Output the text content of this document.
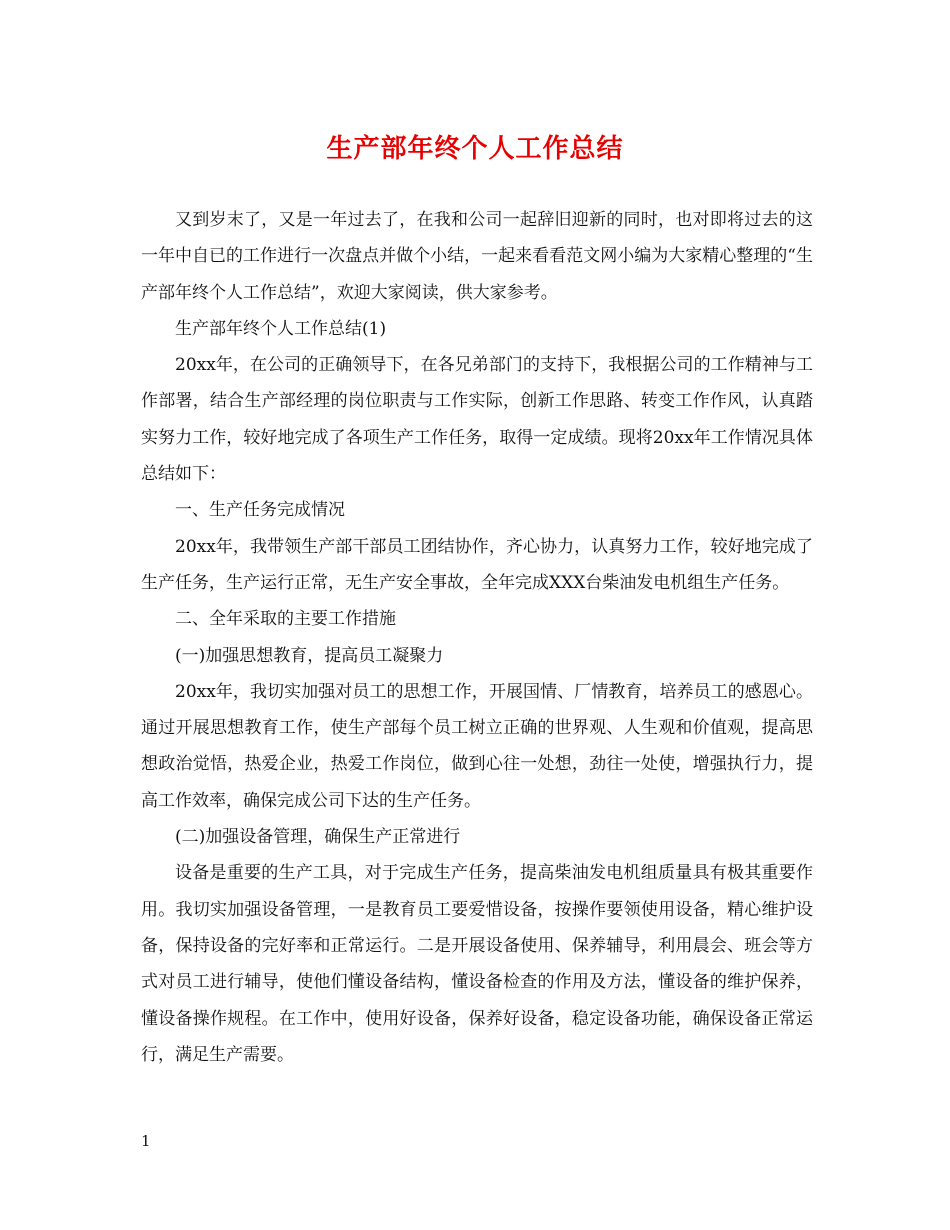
生产部年终个人工作总结

又到岁末了，又是一年过去了，在我和公司一起辞旧迎新的同时，也对即将过去的这一年中自已的工作进行一次盘点并做个小结，一起来看看范文网小编为大家精心整理的“生产部年终个人工作总结”，欢迎大家阅读，供大家参考。

生产部年终个人工作总结(1)

20xx年，在公司的正确领导下，在各兄弟部门的支持下，我根据公司的工作精神与工作部署，结合生产部经理的岗位职责与工作实际，创新工作思路、转变工作作风，认真踏实努力工作，较好地完成了各项生产工作任务，取得一定成绩。现将20xx年工作情况具体总结如下：

一、生产任务完成情况

20xx年，我带领生产部干部员工团结协作，齐心协力，认真努力工作，较好地完成了生产任务，生产运行正常，无生产安全事故，全年完成XXX台柴油发电机组生产任务。

二、全年采取的主要工作措施

(一)加强思想教育，提高员工凝聚力

20xx年，我切实加强对员工的思想工作，开展国情、厂情教育，培养员工的感恩心。通过开展思想教育工作，使生产部每个员工树立正确的世界观、人生观和价值观，提高思想政治觉悟，热爱企业，热爱工作岗位，做到心往一处想，劲往一处使，增强执行力，提高工作效率，确保完成公司下达的生产任务。

(二)加强设备管理，确保生产正常进行

设备是重要的生产工具，对于完成生产任务，提高柴油发电机组质量具有极其重要作用。我切实加强设备管理，一是教育员工要爱惜设备，按操作要领使用设备，精心维护设备，保持设备的完好率和正常运行。二是开展设备使用、保养辅导，利用晨会、班会等方式对员工进行辅导，使他们懂设备结构，懂设备检查的作用及方法，懂设备的维护保养，懂设备操作规程。在工作中，使用好设备，保养好设备，稳定设备功能，确保设备正常运行，满足生产需要。

1
